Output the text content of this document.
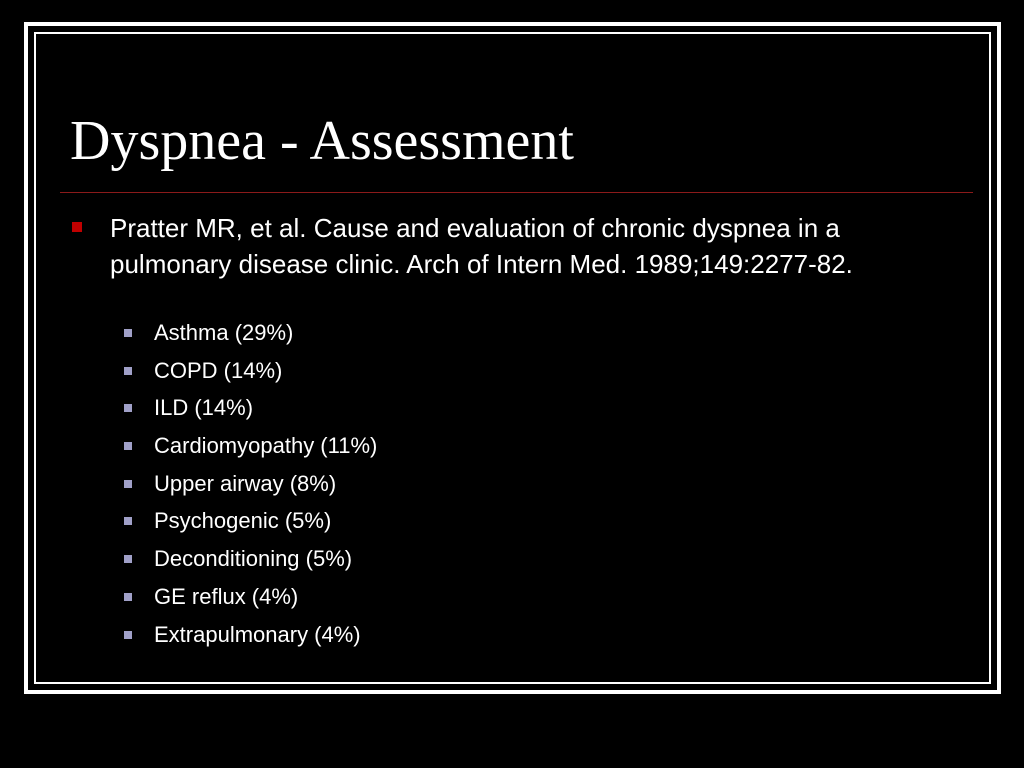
Dyspnea - Assessment

Pratter MR, et al. Cause and evaluation of chronic dyspnea in a pulmonary disease clinic. Arch of Intern Med. 1989;149:2277-82.

Asthma (29%)
COPD (14%)
ILD (14%)
Cardiomyopathy (11%)
Upper airway (8%)
Psychogenic (5%)
Deconditioning (5%)
GE reflux (4%)
Extrapulmonary (4%)
